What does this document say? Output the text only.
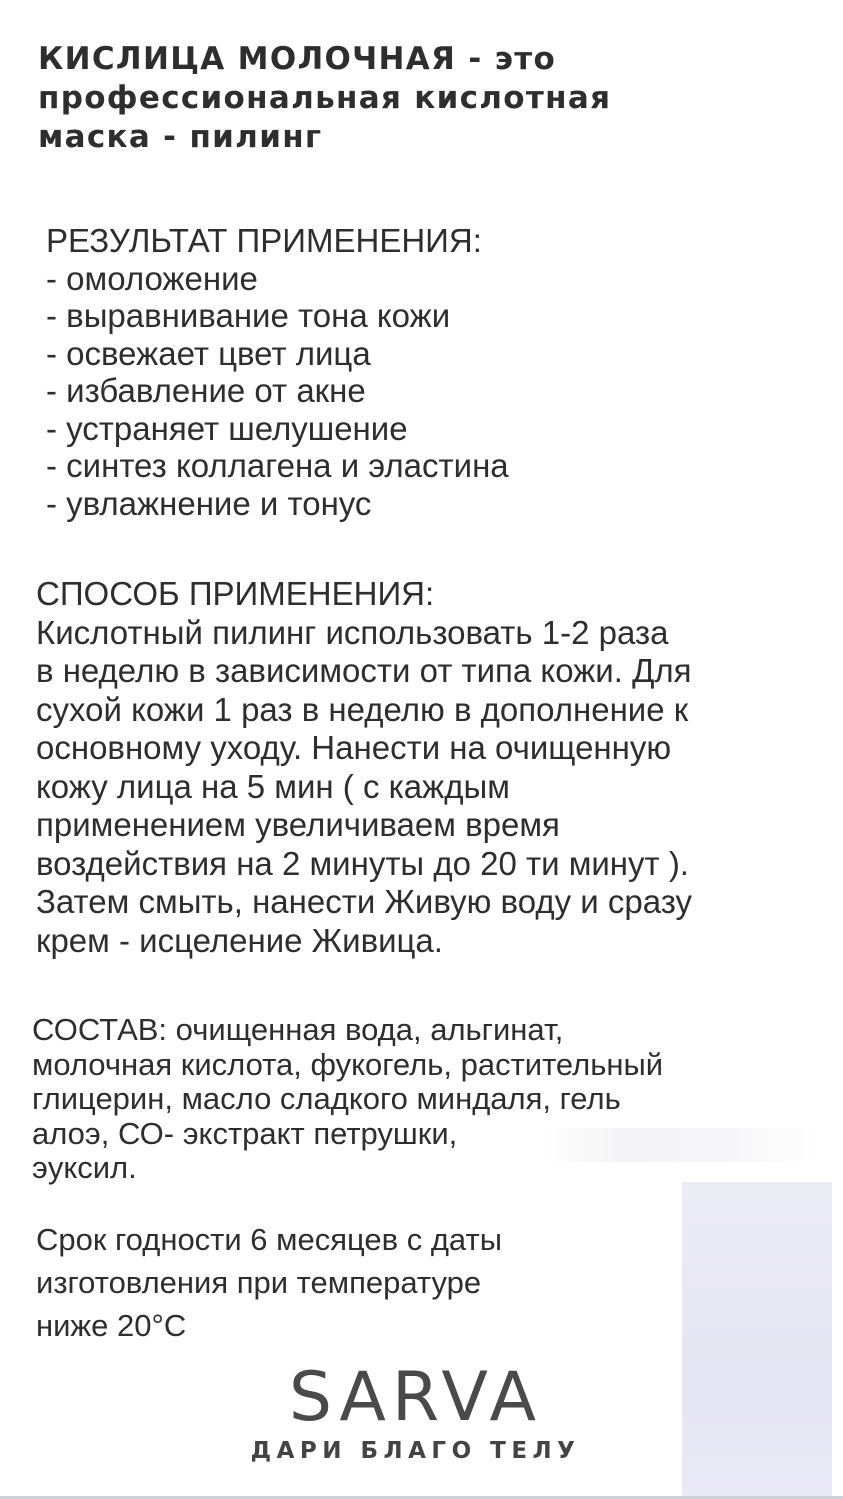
КИСЛИЦА МОЛОЧНАЯ - это
профессиональная кислотная
маска - пилинг
РЕЗУЛЬТАТ ПРИМЕНЕНИЯ:
- омоложение
- выравнивание тона кожи
- освежает цвет лица
- избавление от акне
- устраняет шелушение
- синтез коллагена и эластина
- увлажнение и тонус
СПОСОБ ПРИМЕНЕНИЯ:
Кислотный пилинг использовать 1-2 раза
в неделю в зависимости от типа кожи. Для
сухой кожи 1 раз в неделю в дополнение к
основному уходу. Нанести на очищенную
кожу лица на 5 мин ( с каждым
применением увеличиваем время
воздействия на 2 минуты до 20 ти минут ).
Затем смыть, нанести Живую воду и сразу
крем - исцеление Живица.
СОСТАВ: очищенная вода, альгинат,
молочная кислота, фукогель, растительный
глицерин, масло сладкого миндаля, гель
алоэ, СО- экстракт петрушки,
эуксил.
Срок годности 6 месяцев с даты
изготовления при температуре
ниже 20°С
SARVA
ДАРИ БЛАГО ТЕЛУ
